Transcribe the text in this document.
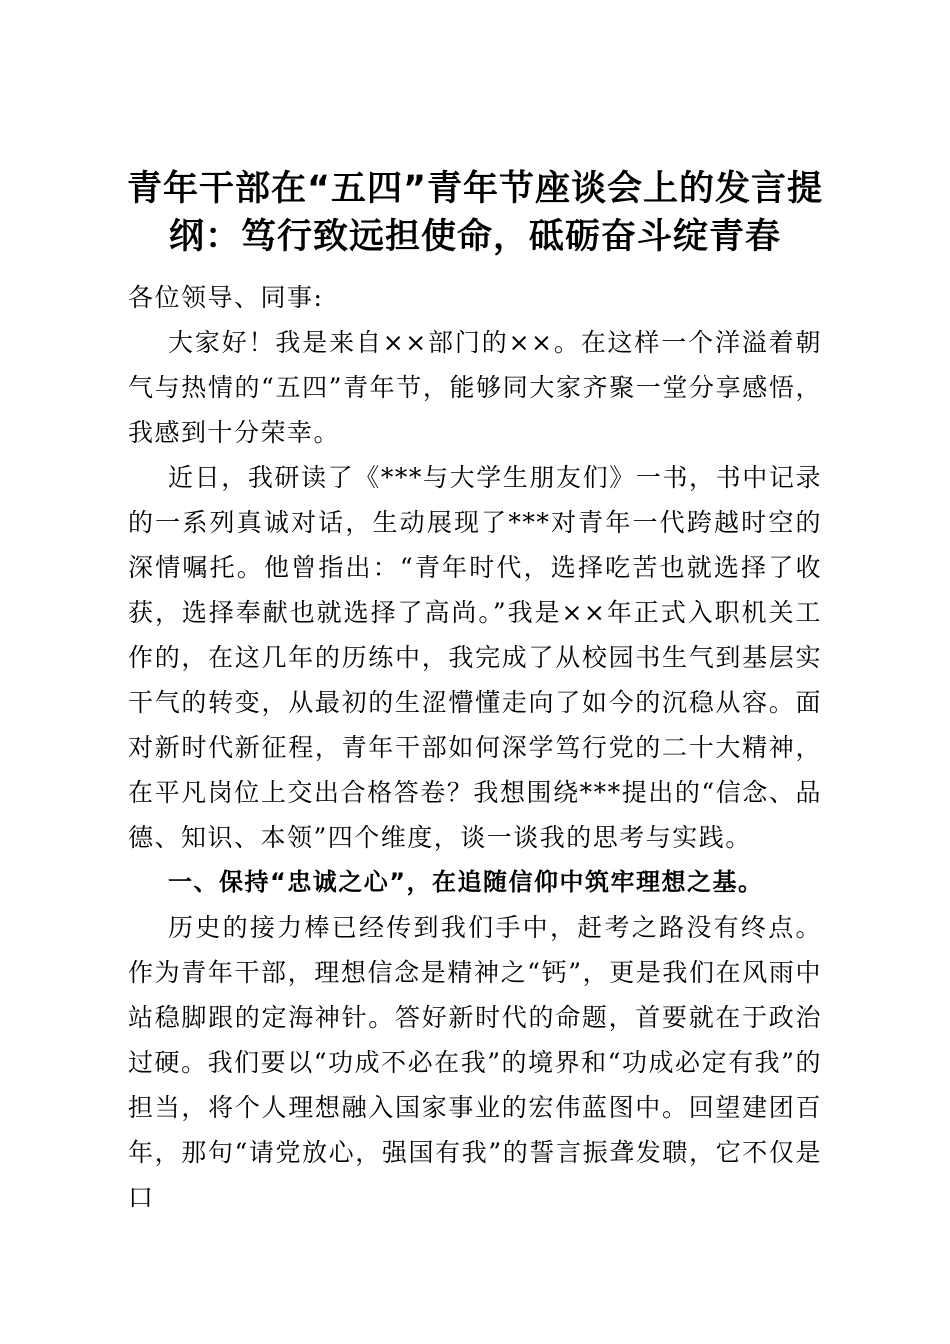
青年干部在“五四”青年节座谈会上的发言提
纲：笃行致远担使命，砥砺奋斗绽青春

各位领导、同事:

大家好！我是来自××部门的××。在这样一个洋溢着朝气与热情的“五四”青年节，能够同大家齐聚一堂分享感悟，我感到十分荣幸。

近日，我研读了《***与大学生朋友们》一书，书中记录的一系列真诚对话，生动展现了***对青年一代跨越时空的深情嘱托。他曾指出：“青年时代，选择吃苦也就选择了收获，选择奉献也就选择了高尚。”我是××年正式入职机关工作的，在这几年的历练中，我完成了从校园书生气到基层实干气的转变，从最初的生涩懵懂走向了如今的沉稳从容。面对新时代新征程，青年干部如何深学笃行党的二十大精神，在平凡岗位上交出合格答卷？我想围绕***提出的“信念、品德、知识、本领”四个维度，谈一谈我的思考与实践。

一、保持“忠诚之心”，在追随信仰中筑牢理想之基。

历史的接力棒已经传到我们手中，赶考之路没有终点。作为青年干部，理想信念是精神之“钙”，更是我们在风雨中站稳脚跟的定海神针。答好新时代的命题，首要就在于政治过硬。我们要以“功成不必在我”的境界和“功成必定有我”的担当，将个人理想融入国家事业的宏伟蓝图中。回望建团百年，那句“请党放心，强国有我”的誓言振聋发聩，它不仅是口
